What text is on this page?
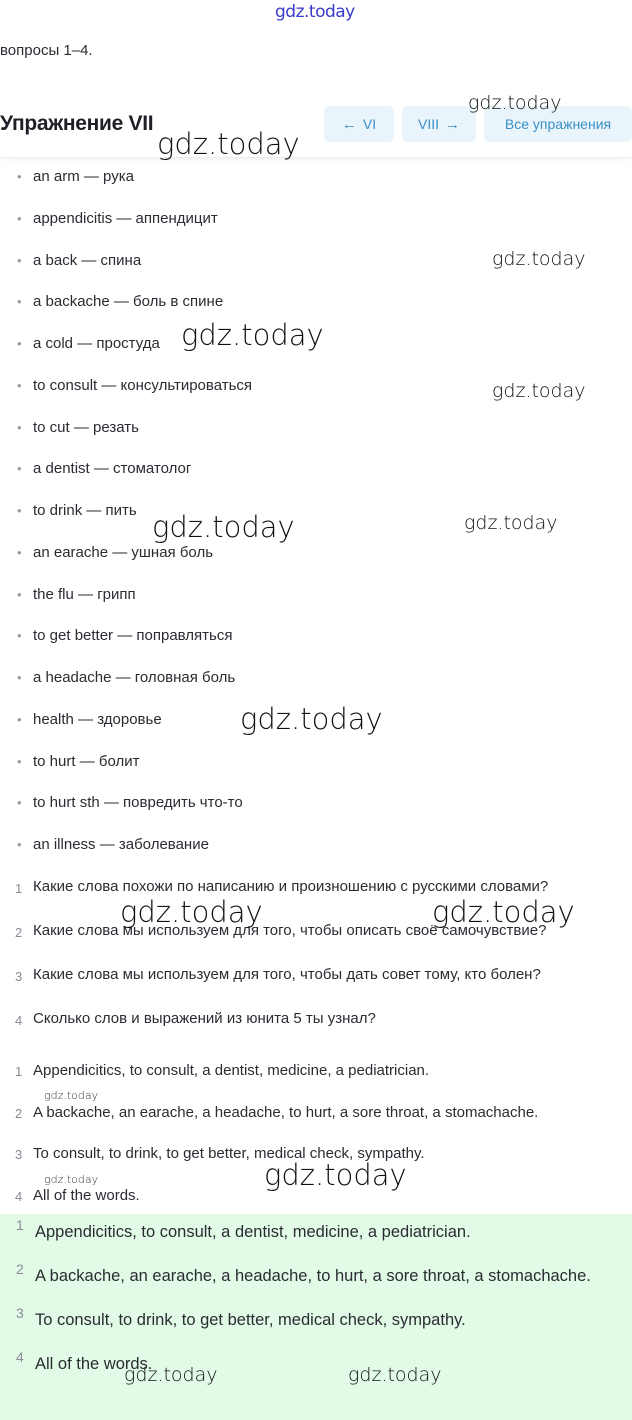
gdz.today
вопросы 1–4.
Упражнение VII	← VI	VIII →	Все упражнения
• an arm — рука
• appendicitis — аппендицит
• a back — спина
• a backache — боль в спине
• a cold — простуда
• to consult — консультироваться
• to cut — резать
• a dentist — стоматолог
• to drink — пить
• an earache — ушная боль
• the flu — грипп
• to get better — поправляться
• a headache — головная боль
• health — здоровье
• to hurt — болит
• to hurt sth — повредить что-то
• an illness — заболевание
1 Какие слова похожи по написанию и произношению с русскими словами?
2 Какие слова мы используем для того, чтобы описать своё самочувствие?
3 Какие слова мы используем для того, чтобы дать совет тому, кто болен?
4 Сколько слов и выражений из юнита 5 ты узнал?
1 Appendicitics, to consult, a dentist, medicine, a pediatrician.
2 A backache, an earache, a headache, to hurt, a sore throat, a stomachache.
3 To consult, to drink, to get better, medical check, sympathy.
4 All of the words.
1 Appendicitics, to consult, a dentist, medicine, a pediatrician.
2 A backache, an earache, a headache, to hurt, a sore throat, a stomachache.
3 To consult, to drink, to get better, medical check, sympathy.
4 All of the words.
gdz.today
gdz.today
gdz.today
gdz.today
gdz.today
gdz.today	gdz.today
gdz.today
gdz.today	gdz.today
gdz.today
gdz.today	gdz.today
gdz.today	gdz.today
